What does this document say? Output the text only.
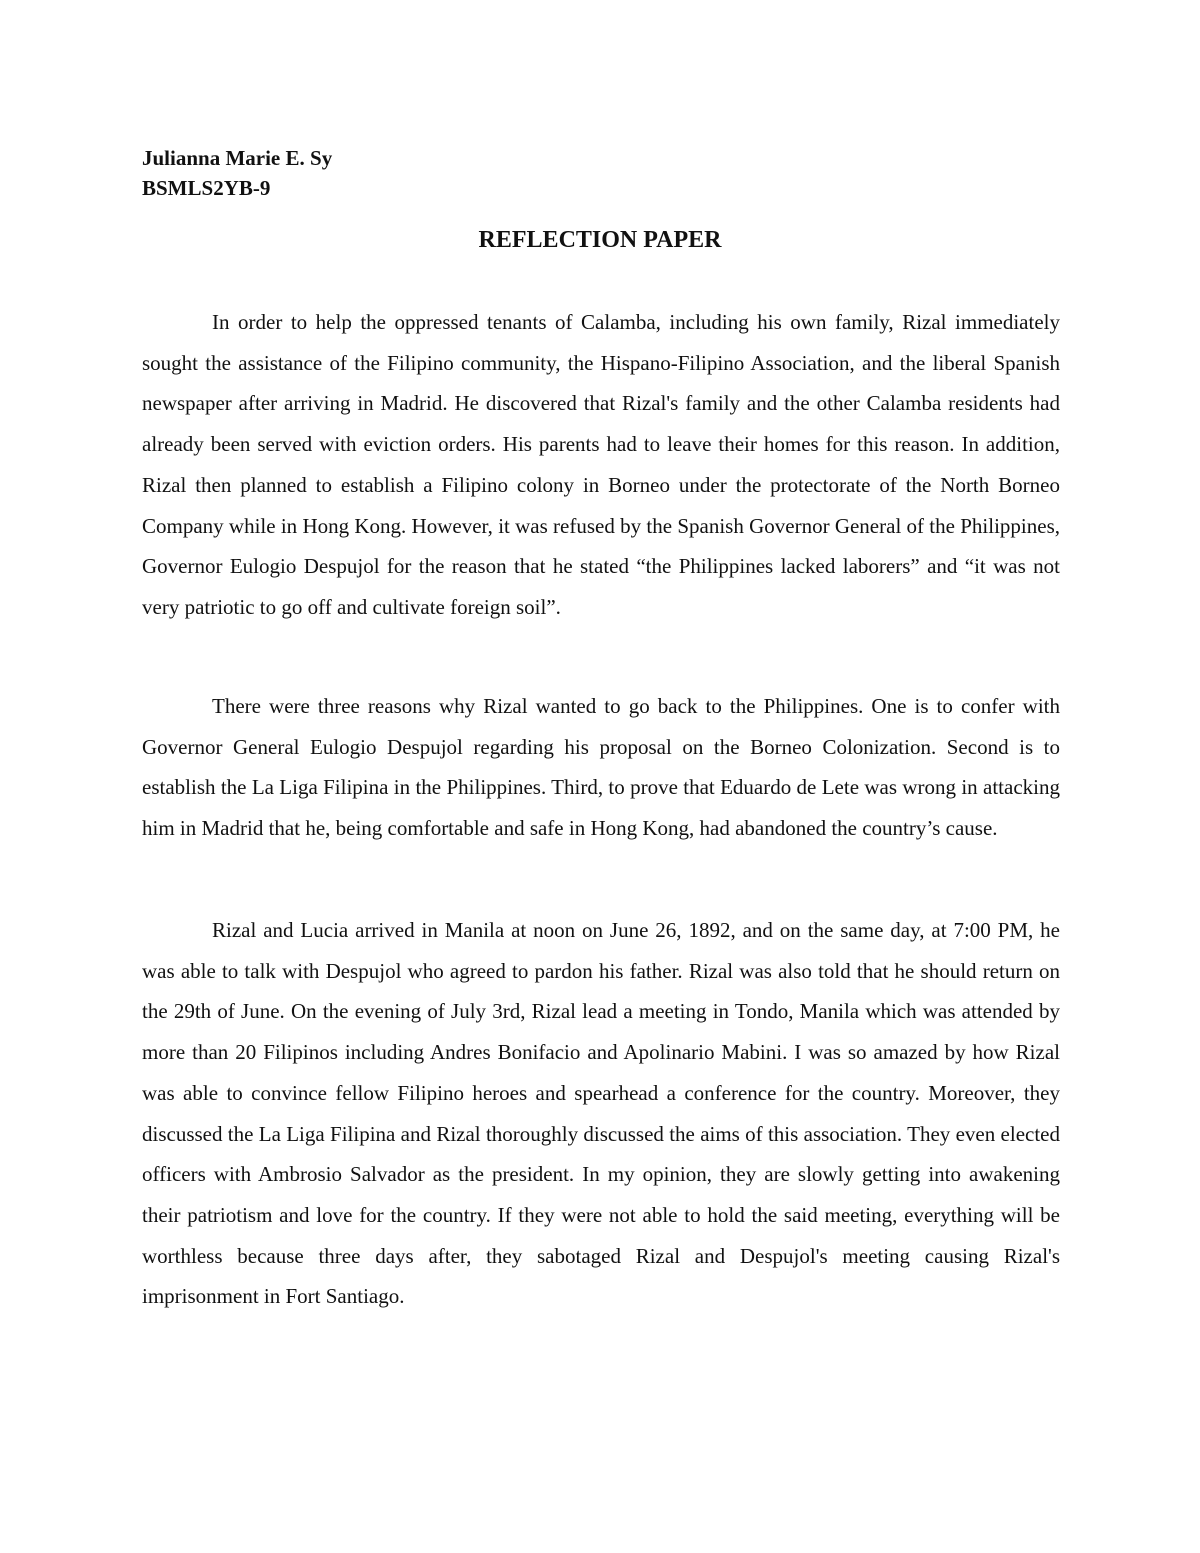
Julianna Marie E. Sy
BSMLS2YB-9
REFLECTION PAPER

In order to help the oppressed tenants of Calamba, including his own family, Rizal immediately sought the assistance of the Filipino community, the Hispano-Filipino Association, and the liberal Spanish newspaper after arriving in Madrid. He discovered that Rizal's family and the other Calamba residents had already been served with eviction orders. His parents had to leave their homes for this reason. In addition, Rizal then planned to establish a Filipino colony in Borneo under the protectorate of the North Borneo Company while in Hong Kong. However, it was refused by the Spanish Governor General of the Philippines, Governor Eulogio Despujol for the reason that he stated “the Philippines lacked laborers” and “it was not very patriotic to go off and cultivate foreign soil”.

There were three reasons why Rizal wanted to go back to the Philippines. One is to confer with Governor General Eulogio Despujol regarding his proposal on the Borneo Colonization. Second is to establish the La Liga Filipina in the Philippines. Third, to prove that Eduardo de Lete was wrong in attacking him in Madrid that he, being comfortable and safe in Hong Kong, had abandoned the country’s cause.

Rizal and Lucia arrived in Manila at noon on June 26, 1892, and on the same day, at 7:00 PM, he was able to talk with Despujol who agreed to pardon his father. Rizal was also told that he should return on the 29th of June. On the evening of July 3rd, Rizal lead a meeting in Tondo, Manila which was attended by more than 20 Filipinos including Andres Bonifacio and Apolinario Mabini. I was so amazed by how Rizal was able to convince fellow Filipino heroes and spearhead a conference for the country. Moreover, they discussed the La Liga Filipina and Rizal thoroughly discussed the aims of this association. They even elected officers with Ambrosio Salvador as the president. In my opinion, they are slowly getting into awakening their patriotism and love for the country. If they were not able to hold the said meeting, everything will be worthless because three days after, they sabotaged Rizal and Despujol's meeting causing Rizal's imprisonment in Fort Santiago.
